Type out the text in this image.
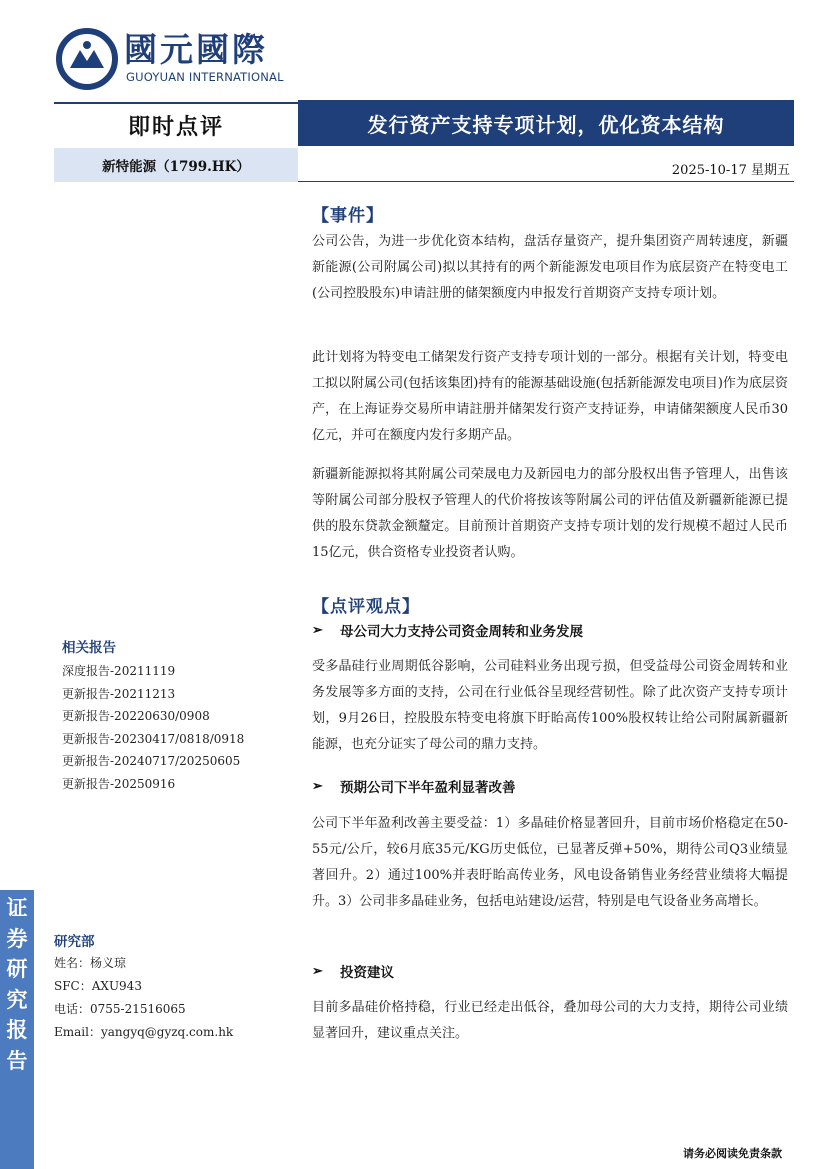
國元國際
GUOYUAN INTERNATIONAL
即时点评	发行资产支持专项计划，优化资本结构
新特能源（1799.HK）	2025-10-17 星期五
相关报告
深度报告-20211119
更新报告-20211213
更新报告-20220630/0908
更新报告-20230417/0818/0918
更新报告-20240717/20250605
更新报告-20250916
研究部
姓名：杨义琼
SFC：AXU943
电话：0755-21516065
Email：yangyq@gyzq.com.hk
证券研究报告
【事件】
公司公告，为进一步优化资本结构，盘活存量资产，提升集团资产周转速度，新疆新能源(公司附属公司)拟以其持有的两个新能源发电项目作为底层资产在特变电工(公司控股股东)申请註册的储架额度内申报发行首期资产支持专项计划。
此计划将为特变电工储架发行资产支持专项计划的一部分。根据有关计划，特变电工拟以附属公司(包括该集团)持有的能源基础设施(包括新能源发电项目)作为底层资产，在上海证券交易所申请註册并储架发行资产支持证券，申请储架额度人民币30亿元，并可在额度内发行多期产品。
新疆新能源拟将其附属公司荣晟电力及新园电力的部分股权出售予管理人，出售该等附属公司部分股权予管理人的代价将按该等附属公司的评估值及新疆新能源已提供的股东贷款金额釐定。目前预计首期资产支持专项计划的发行规模不超过人民币15亿元，供合资格专业投资者认购。
【点评观点】
➢	母公司大力支持公司资金周转和业务发展
受多晶硅行业周期低谷影响，公司硅料业务出现亏损，但受益母公司资金周转和业务发展等多方面的支持，公司在行业低谷呈现经营韧性。除了此次资产支持专项计划，9月26日，控股股东特变电将旗下盱眙高传100%股权转让给公司附属新疆新能源，也充分证实了母公司的鼎力支持。
➢	预期公司下半年盈利显著改善
公司下半年盈利改善主要受益：1）多晶硅价格显著回升，目前市场价格稳定在50-55元/公斤，较6月底35元/KG历史低位，已显著反弹+50%，期待公司Q3业绩显著回升。2）通过100%并表盱眙高传业务，风电设备销售业务经营业绩将大幅提升。3）公司非多晶硅业务，包括电站建设/运营，特别是电气设备业务高增长。
➢	投资建议
目前多晶硅价格持稳，行业已经走出低谷，叠加母公司的大力支持，期待公司业绩显著回升，建议重点关注。
请务必阅读免责条款
